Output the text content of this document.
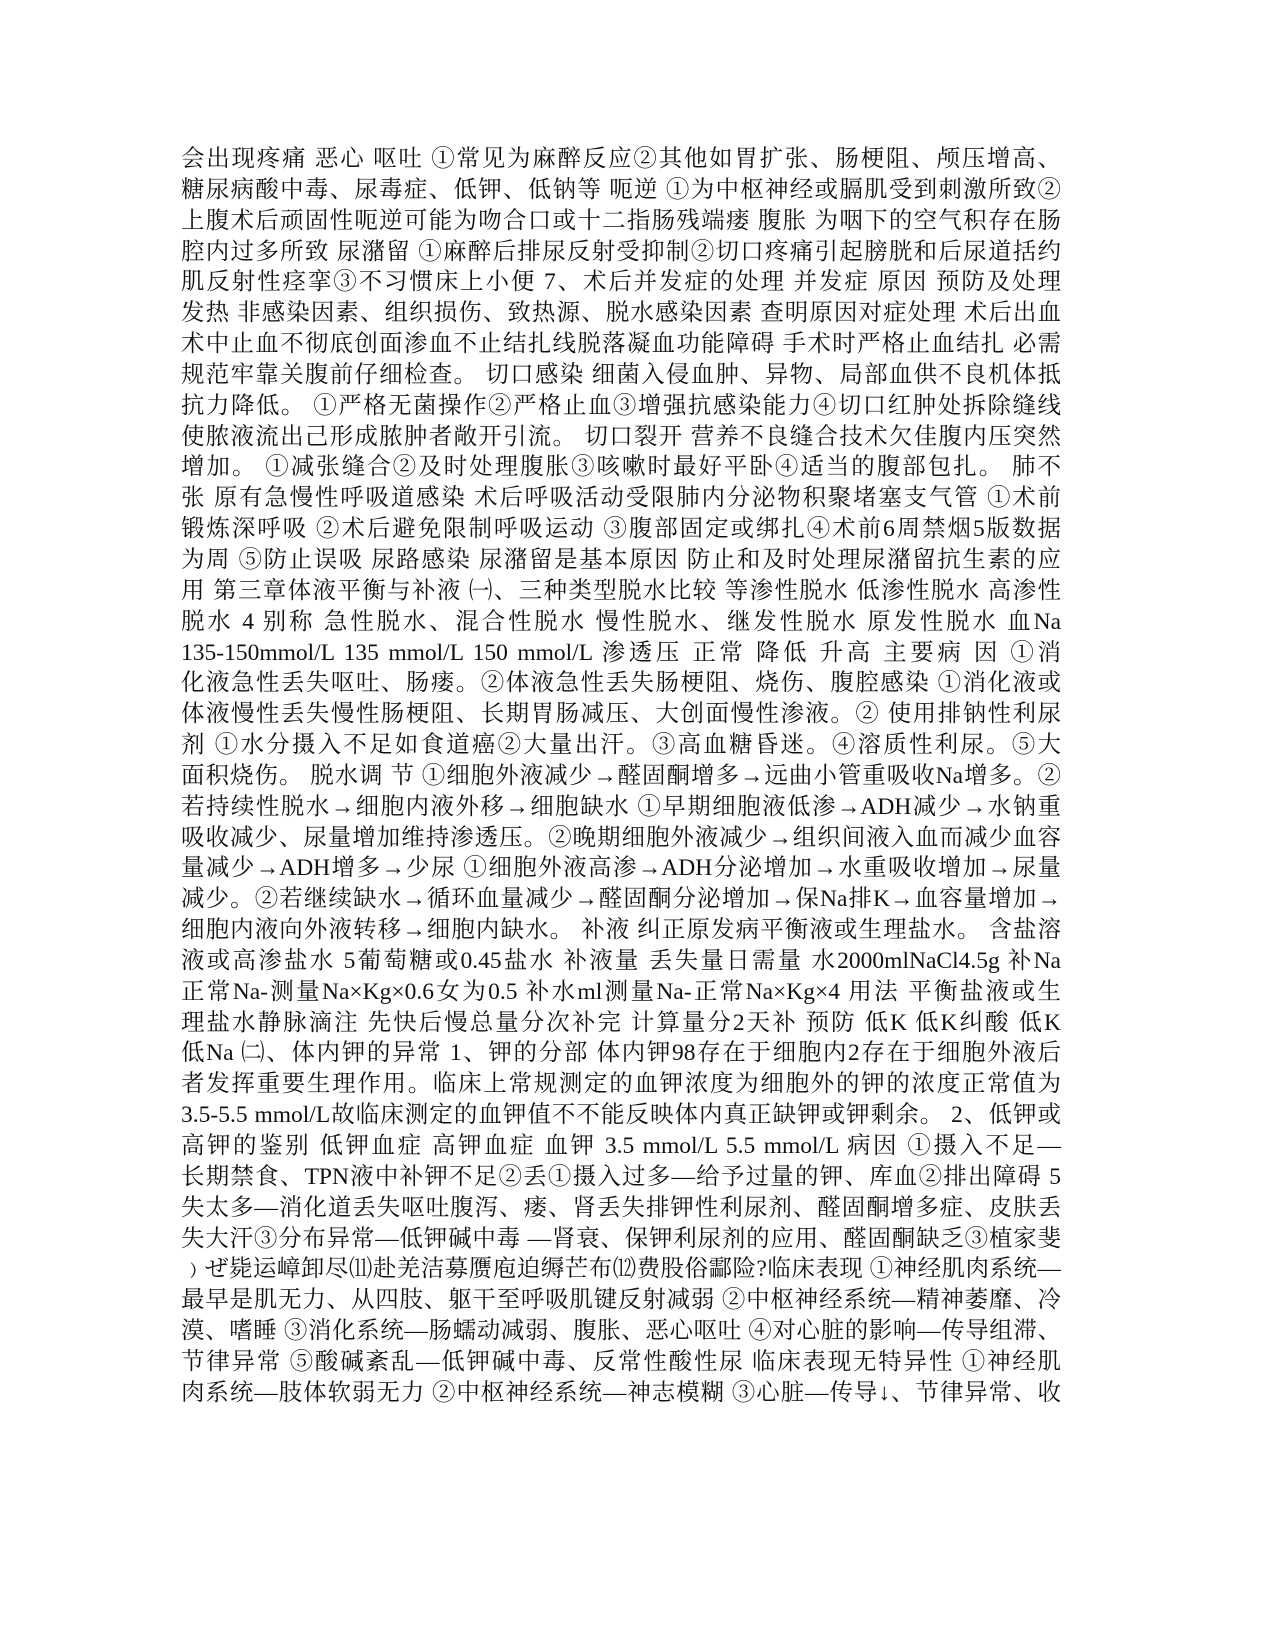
会出现疼痛 恶心 呕吐 ①常见为麻醉反应②其他如胃扩张、肠梗阻、颅压增高、
糖尿病酸中毒、尿毒症、低钾、低钠等 呃逆 ①为中枢神经或膈肌受到刺激所致②
上腹术后顽固性呃逆可能为吻合口或十二指肠残端瘘 腹胀 为咽下的空气积存在肠
腔内过多所致 尿潴留 ①麻醉后排尿反射受抑制②切口疼痛引起膀胱和后尿道括约
肌反射性痉挛③不习惯床上小便 7、术后并发症的处理 并发症 原因 预防及处理
发热 非感染因素、组织损伤、致热源、脱水感染因素 查明原因对症处理 术后出血
术中止血不彻底创面渗血不止结扎线脱落凝血功能障碍 手术时严格止血结扎 必需
规范牢靠关腹前仔细检查。 切口感染 细菌入侵血肿、异物、局部血供不良机体抵
抗力降低。 ①严格无菌操作②严格止血③增强抗感染能力④切口红肿处拆除缝线
使脓液流出己形成脓肿者敞开引流。 切口裂开 营养不良缝合技术欠佳腹内压突然
增加。 ①减张缝合②及时处理腹胀③咳嗽时最好平卧④适当的腹部包扎。 肺不
张 原有急慢性呼吸道感染 术后呼吸活动受限肺内分泌物积聚堵塞支气管 ①术前
锻炼深呼吸 ②术后避免限制呼吸运动 ③腹部固定或绑扎④术前6周禁烟5版数据
为周 ⑤防止误吸 尿路感染 尿潴留是基本原因 防止和及时处理尿潴留抗生素的应
用 第三章体液平衡与补液 ㈠、三种类型脱水比较 等渗性脱水 低渗性脱水 高渗性
脱水 4 别称 急性脱水、混合性脱水 慢性脱水、继发性脱水 原发性脱水 血Na
135-150mmol/L 135 mmol/L 150 mmol/L 渗透压 正常 降低 升高 主要病 因 ①消
化液急性丢失呕吐、肠瘘。②体液急性丢失肠梗阻、烧伤、腹腔感染 ①消化液或
体液慢性丢失慢性肠梗阻、长期胃肠减压、大创面慢性渗液。② 使用排钠性利尿
剂 ①水分摄入不足如食道癌②大量出汗。③高血糖昏迷。④溶质性利尿。⑤大
面积烧伤。 脱水调 节 ①细胞外液减少→醛固酮增多→远曲小管重吸收Na增多。②
若持续性脱水→细胞内液外移→细胞缺水 ①早期细胞液低渗→ADH减少→水钠重
吸收减少、尿量增加维持渗透压。②晚期细胞外液减少→组织间液入血而减少血容
量减少→ADH增多→少尿 ①细胞外液高渗→ADH分泌增加→水重吸收增加→尿量
减少。②若继续缺水→循环血量减少→醛固酮分泌增加→保Na排K→血容量增加→
细胞内液向外液转移→细胞内缺水。 补液 纠正原发病平衡液或生理盐水。 含盐溶
液或高渗盐水 5葡萄糖或0.45盐水 补液量 丢失量日需量 水2000mlNaCl4.5g 补Na
正常Na-测量Na×Kg×0.6女为0.5 补水ml测量Na-正常Na×Kg×4 用法 平衡盐液或生
理盐水静脉滴注 先快后慢总量分次补完 计算量分2天补 预防 低K 低K纠酸 低K
低Na ㈡、体内钾的异常 1、钾的分部 体内钾98存在于细胞内2存在于细胞外液后
者发挥重要生理作用。临床上常规测定的血钾浓度为细胞外的钾的浓度正常值为
3.5-5.5 mmol/L故临床测定的血钾值不不能反映体内真正缺钾或钾剩余。 2、低钾或
高钾的鉴别 低钾血症 高钾血症 血钾 3.5 mmol/L 5.5 mmol/L 病因 ①摄入不足—
长期禁食、TPN液中补钾不足②丢①摄入过多—给予过量的钾、库血②排出障碍 5
失太多—消化道丢失呕吐腹泻、瘘、肾丢失排钾性利尿剂、醛固酮增多症、皮肤丢
失大汗③分布异常—低钾碱中毒 —肾衰、保钾利尿剂的应用、醛固酮缺乏③植家斐
﹚ぜ毙运嶂卸尽⑾赴羌洁募赝庖迫缛芒布⑿费股俗酃险?临床表现 ①神经肌肉系统—
最早是肌无力、从四肢、躯干至呼吸肌键反射减弱 ②中枢神经系统—精神萎靡、冷
漠、嗜睡 ③消化系统—肠蠕动减弱、腹胀、恶心呕吐 ④对心脏的影响—传导组滞、
节律异常 ⑤酸碱紊乱—低钾碱中毒、反常性酸性尿 临床表现无特异性 ①神经肌
肉系统—肢体软弱无力 ②中枢神经系统—神志模糊 ③心脏—传导↓、节律异常、收
